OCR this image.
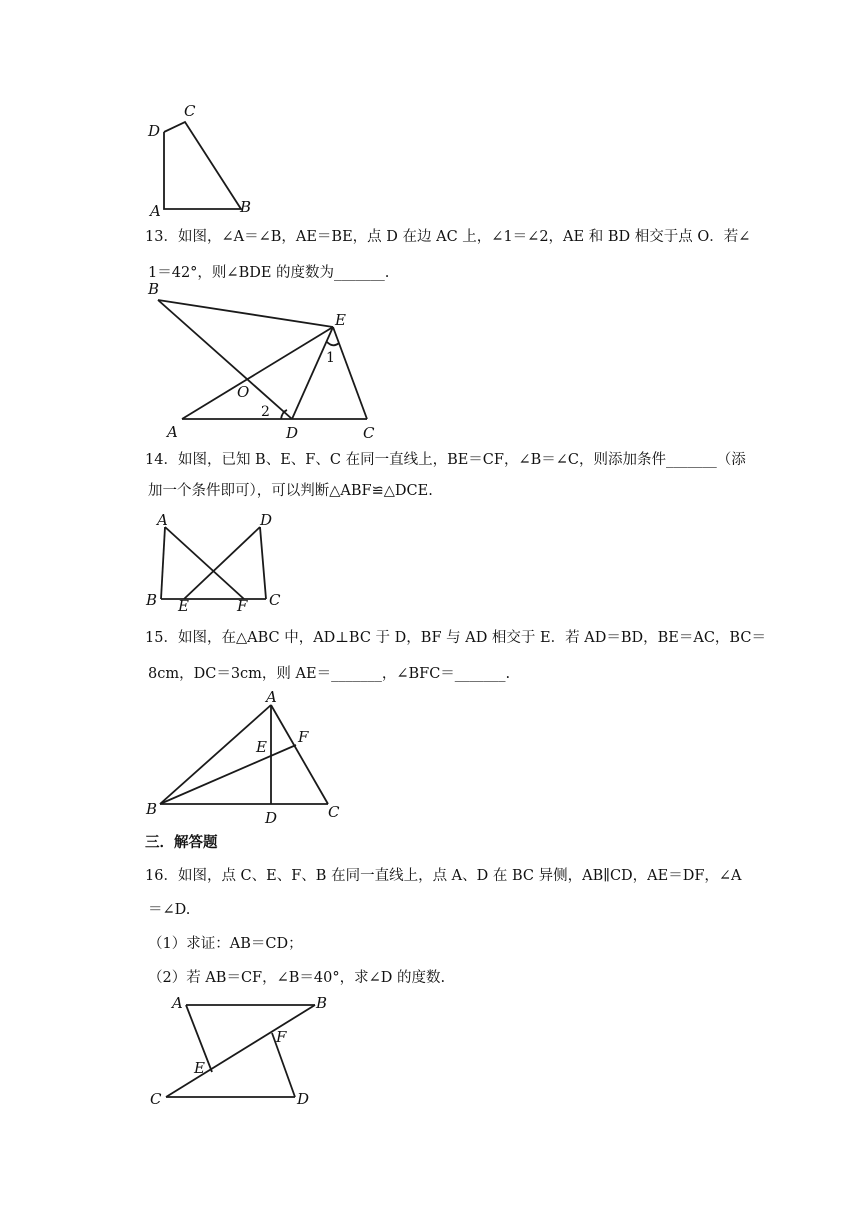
C
D
A	B
13．如图，∠A＝∠B，AE＝BE，点 D 在边 AC 上，∠1＝∠2，AE 和 BD 相交于点 O．若∠
1＝42°，则∠BDE 的度数为_______.
B
E
O
2
1
A	D	C
14．如图，已知 B、E、F、C 在同一直线上，BE＝CF，∠B＝∠C，则添加条件_______（添
加一个条件即可），可以判断△ABF≌△DCE.
A	D
B E	F C
15．如图，在△ABC 中，AD⊥BC 于 D，BF 与 AD 相交于 E．若 AD＝BD，BE＝AC，BC＝
8cm，DC＝3cm，则 AE＝_______，∠BFC＝_______.
A
E
F
B	C
D
三．解答题
16．如图，点 C、E、F、B 在同一直线上，点 A、D 在 BC 异侧，AB∥CD，AE＝DF，∠A
＝∠D.
（1）求证：AB＝CD；
（2）若 AB＝CF，∠B＝40°，求∠D 的度数.
A	B
F
E
C	D
